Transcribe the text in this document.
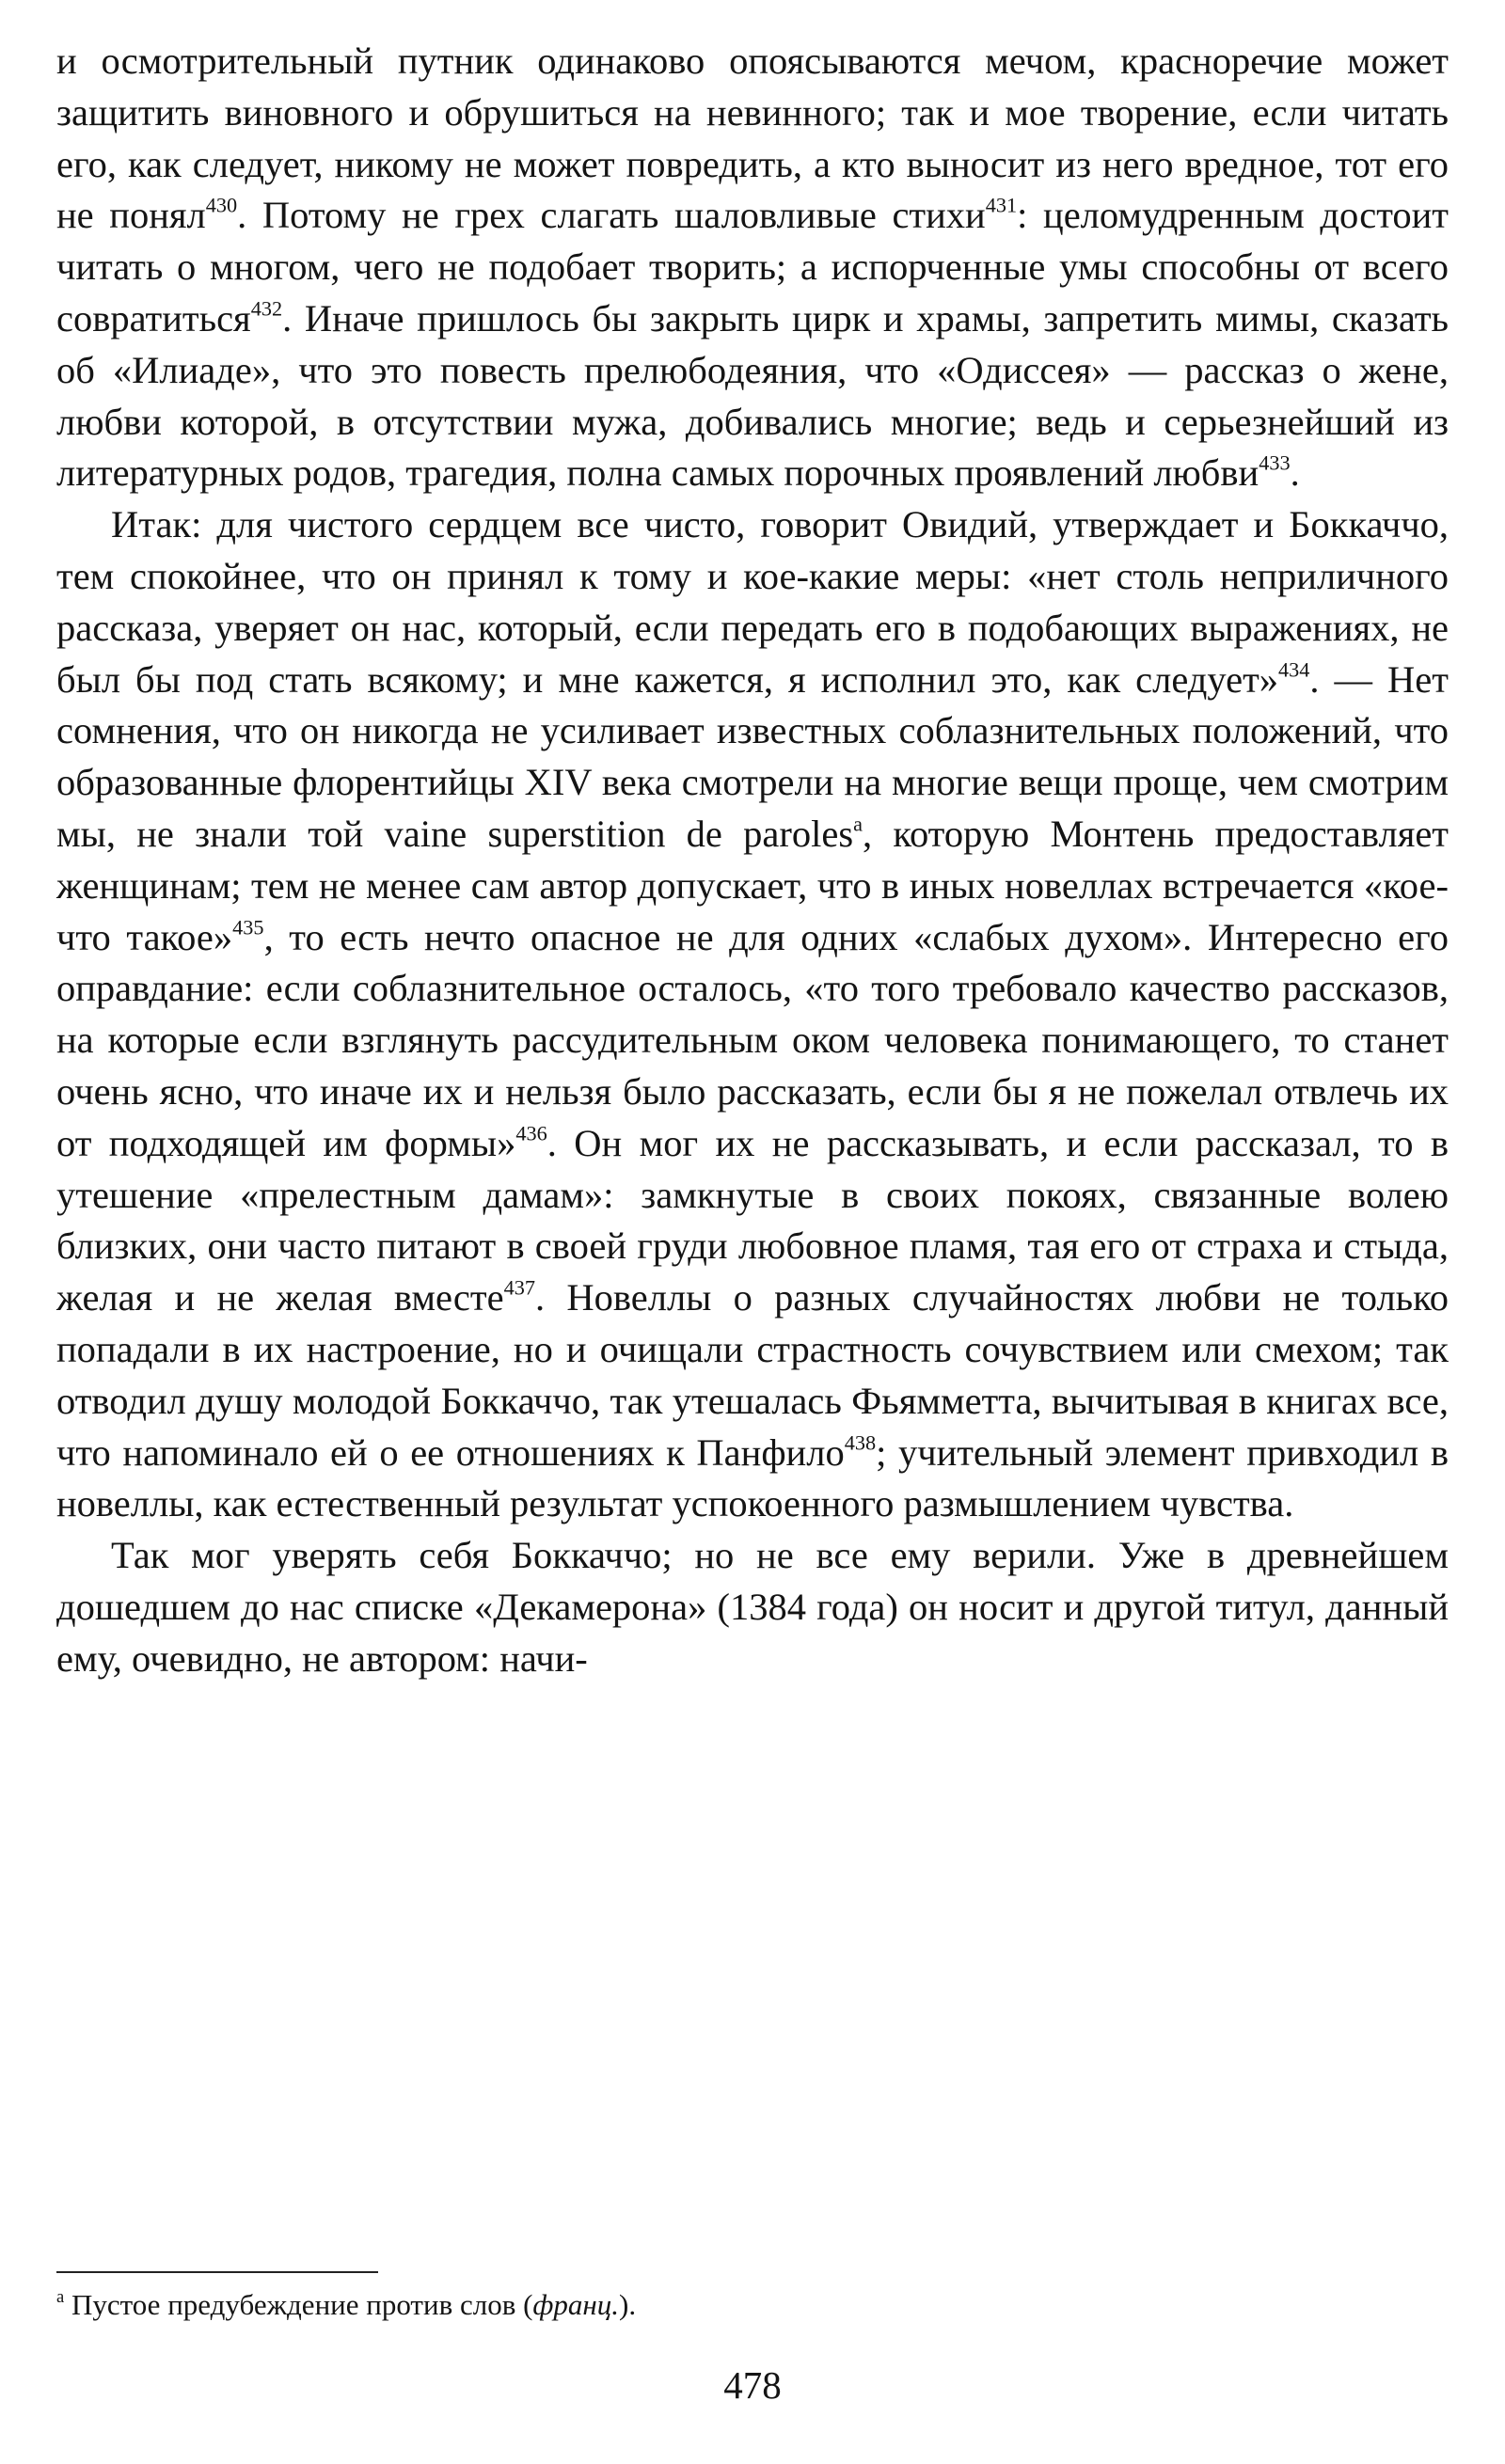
и осмотрительный путник одинаково опоясываются мечом, красноречие может защитить виновного и обрушиться на невинного; так и мое творение, если читать его, как следует, никому не может повредить, а кто выносит из него вредное, тот его не понял$^{430}$. Потому не грех слагать шаловливые стихи$^{431}$: целомудренным достоит читать о многом, чего не подобает творить; а испорченные умы способны от всего совратиться$^{432}$. Иначе пришлось бы закрыть цирк и храмы, запретить мимы, сказать об «Илиаде», что это повесть прелюбодеяния, что «Одиссея» — рассказ о жене, любви которой, в отсутствии мужа, добивались многие; ведь и серьезнейший из литературных родов, трагедия, полна самых порочных проявлений любви$^{433}$.

Итак: для чистого сердцем все чисто, говорит Овидий, утверждает и Боккаччо, тем спокойнее, что он принял к тому и кое-какие меры: «нет столь неприличного рассказа, уверяет он нас, который, если передать его в подобающих выражениях, не был бы под стать всякому; и мне кажется, я исполнил это, как следует»$^{434}$. — Нет сомнения, что он никогда не усиливает известных соблазнительных положений, что образованные флорентийцы XIV века смотрели на многие вещи проще, чем смотрим мы, не знали той vaine superstition de paroles$^а$, которую Монтень предоставляет женщинам; тем не менее сам автор допускает, что в иных новеллах встречается «кое-что такое»$^{435}$, то есть нечто опасное не для одних «слабых духом». Интересно его оправдание: если соблазнительное осталось, «то того требовало качество рассказов, на которые если взглянуть рассудительным оком человека понимающего, то станет очень ясно, что иначе их и нельзя было рассказать, если бы я не пожелал отвлечь их от подходящей им формы»$^{436}$. Он мог их не рассказывать, и если рассказал, то в утешение «прелестным дамам»: замкнутые в своих покоях, связанные волею близких, они часто питают в своей груди любовное пламя, тая его от страха и стыда, желая и не желая вместе$^{437}$. Новеллы о разных случайностях любви не только попадали в их настроение, но и очищали страстность сочувствием или смехом; так отводил душу молодой Боккаччо, так утешалась Фьямметта, вычитывая в книгах все, что напоминало ей о ее отношениях к Панфило$^{438}$; учительный элемент привходил в новеллы, как естественный результат успокоенного размышлением чувства.

Так мог уверять себя Боккаччо; но не все ему верили. Уже в древнейшем дошедшем до нас списке «Декамерона» (1384 года) он носит и другой титул, данный ему, очевидно, не автором: начи-

$^а$ Пустое предубеждение против слов (франц.).
478
